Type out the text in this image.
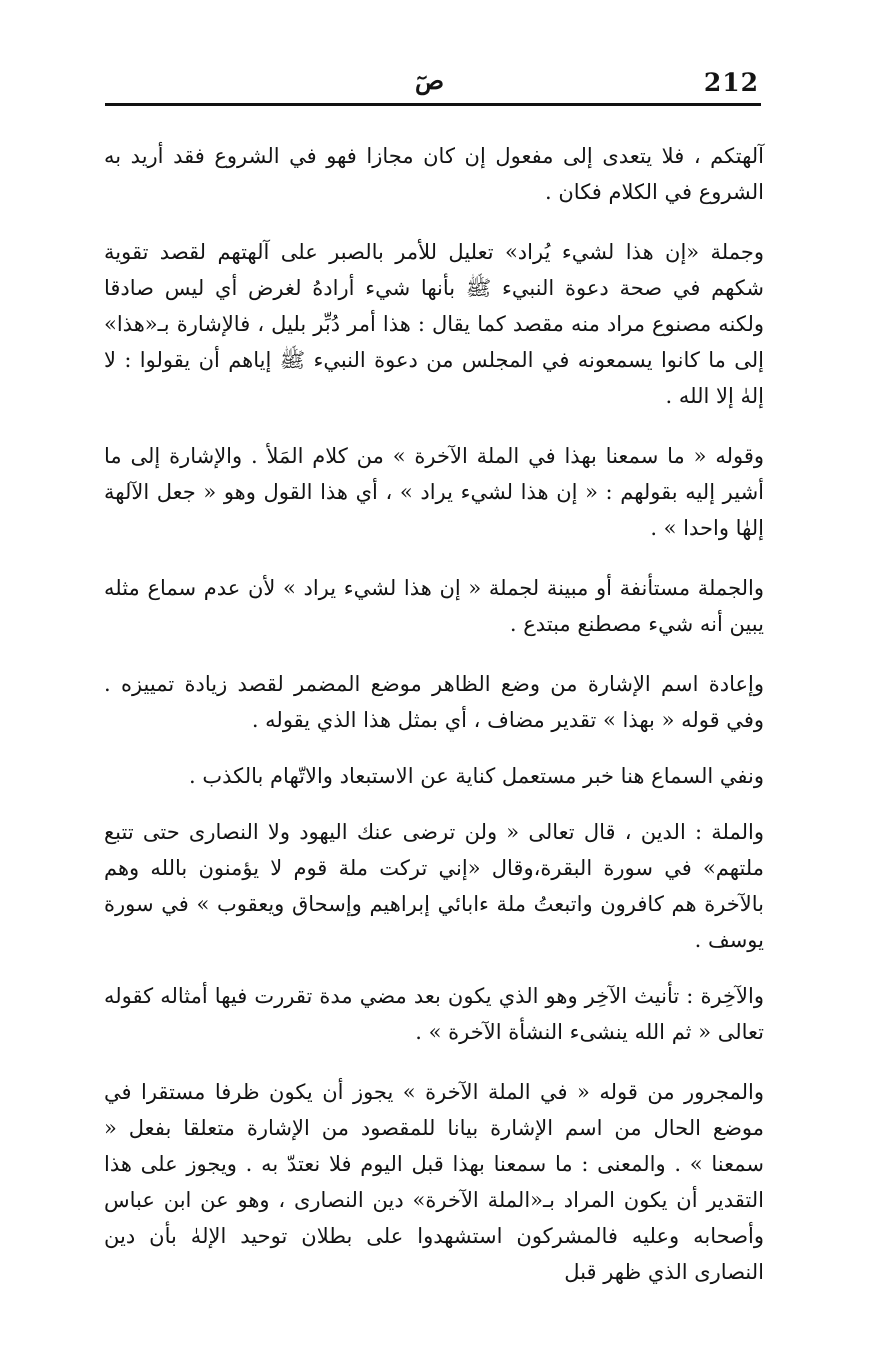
212
صٓ

آلهتكم ، فلا يتعدى إلى مفعول إن كان مجازا فهو في الشروع فقد أريد به الشروع في الكلام فكان .

وجملة «إن هذا لشيء يُراد» تعليل للأمر بالصبر على آلهتهم لقصد تقوية شكهم في صحة دعوة النبيء ﷺ بأنها شيء أرادهُ لغرض أي ليس صادقا ولكنه مصنوع مراد منه مقصد كما يقال : هذا أمر دُبِّر بليل ، فالإشارة بـ«هذا» إلى ما كانوا يسمعونه في المجلس من دعوة النبيء ﷺ إياهم أن يقولوا : لا إلهٰ إلا الله .

وقوله « ما سمعنا بهذا في الملة الآخرة » من كلام المَلأ . والإشارة إلى ما أشير إليه بقولهم : « إن هذا لشيء يراد » ، أي هذا القول وهو « جعل الآلهة إلهٰا واحدا » .

والجملة مستأنفة أو مبينة لجملة « إن هذا لشيء يراد » لأن عدم سماع مثله يبين أنه شيء مصطنع مبتدع .

وإعادة اسم الإشارة من وضع الظاهر موضع المضمر لقصد زيادة تمييزه . وفي قوله « بهذا » تقدير مضاف ، أي بمثل هذا الذي يقوله .

ونفي السماع هنا خبر مستعمل كناية عن الاستبعاد والاتّهام بالكذب .

والملة : الدين ، قال تعالى « ولن ترضى عنك اليهود ولا النصارى حتى تتبع ملتهم» في سورة البقرة،وقال «إني تركت ملة قوم لا يؤمنون بالله وهم بالآخرة هم كافرون واتبعتُ ملة ءابائي إبراهيم وإسحاق ويعقوب » في سورة يوسف .

والآخِرة : تأنيث الآخِر وهو الذي يكون بعد مضي مدة تقررت فيها أمثاله كقوله تعالى « ثم الله ينشىء النشأة الآخرة » .

والمجرور من قوله « في الملة الآخرة » يجوز أن يكون ظرفا مستقرا في موضع الحال من اسم الإشارة بيانا للمقصود من الإشارة متعلقا بفعل « سمعنا » . والمعنى : ما سمعنا بهذا قبل اليوم فلا نعتدّ به . ويجوز على هذا التقدير أن يكون المراد بـ«الملة الآخرة» دين النصارى ، وهو عن ابن عباس وأصحابه وعليه فالمشركون استشهدوا على بطلان توحيد الإلهٰ بأن دين النصارى الذي ظهر قبل
